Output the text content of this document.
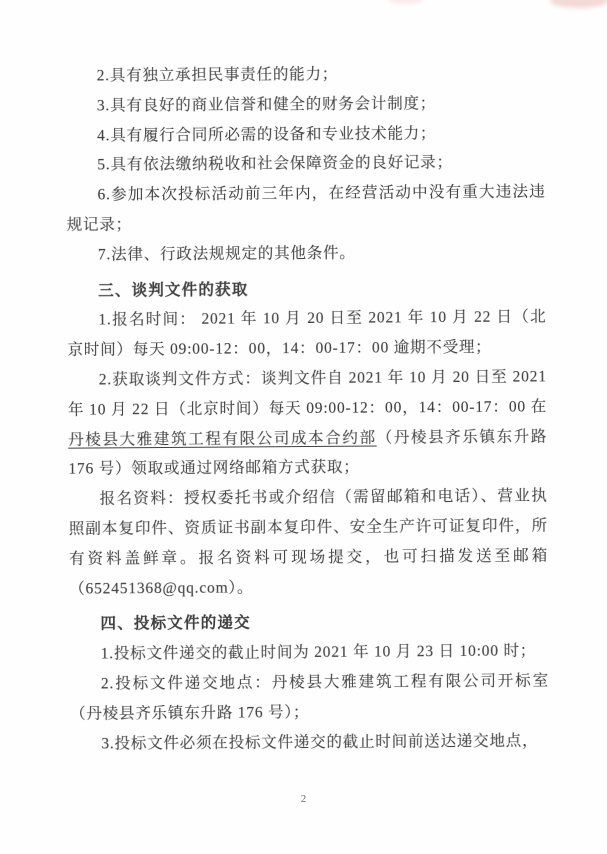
2.具有独立承担民事责任的能力；

3.具有良好的商业信誉和健全的财务会计制度；

4.具有履行合同所必需的设备和专业技术能力；

5.具有依法缴纳税收和社会保障资金的良好记录；

6.参加本次投标活动前三年内，在经营活动中没有重大违法违规记录；

7.法律、行政法规规定的其他条件。

三、谈判文件的获取

1.报名时间： 2021 年 10 月 20 日至 2021 年 10 月 22 日（北京时间）每天 09:00-12：00，14：00-17：00 逾期不受理；

2.获取谈判文件方式：谈判文件自 2021 年 10 月 20 日至 2021 年 10 月 22 日（北京时间）每天 09:00-12：00，14：00-17：00 在丹棱县大雅建筑工程有限公司成本合约部（丹棱县齐乐镇东升路 176 号）领取或通过网络邮箱方式获取；

报名资料：授权委托书或介绍信（需留邮箱和电话）、营业执照副本复印件、资质证书副本复印件、安全生产许可证复印件，所有资料盖鲜章。报名资料可现场提交，也可扫描发送至邮箱（652451368@qq.com）。

四、投标文件的递交

1.投标文件递交的截止时间为 2021 年 10 月 23 日 10:00 时；

2.投标文件递交地点：丹棱县大雅建筑工程有限公司开标室（丹棱县齐乐镇东升路 176 号）；

3.投标文件必须在投标文件递交的截止时间前送达递交地点，

2
